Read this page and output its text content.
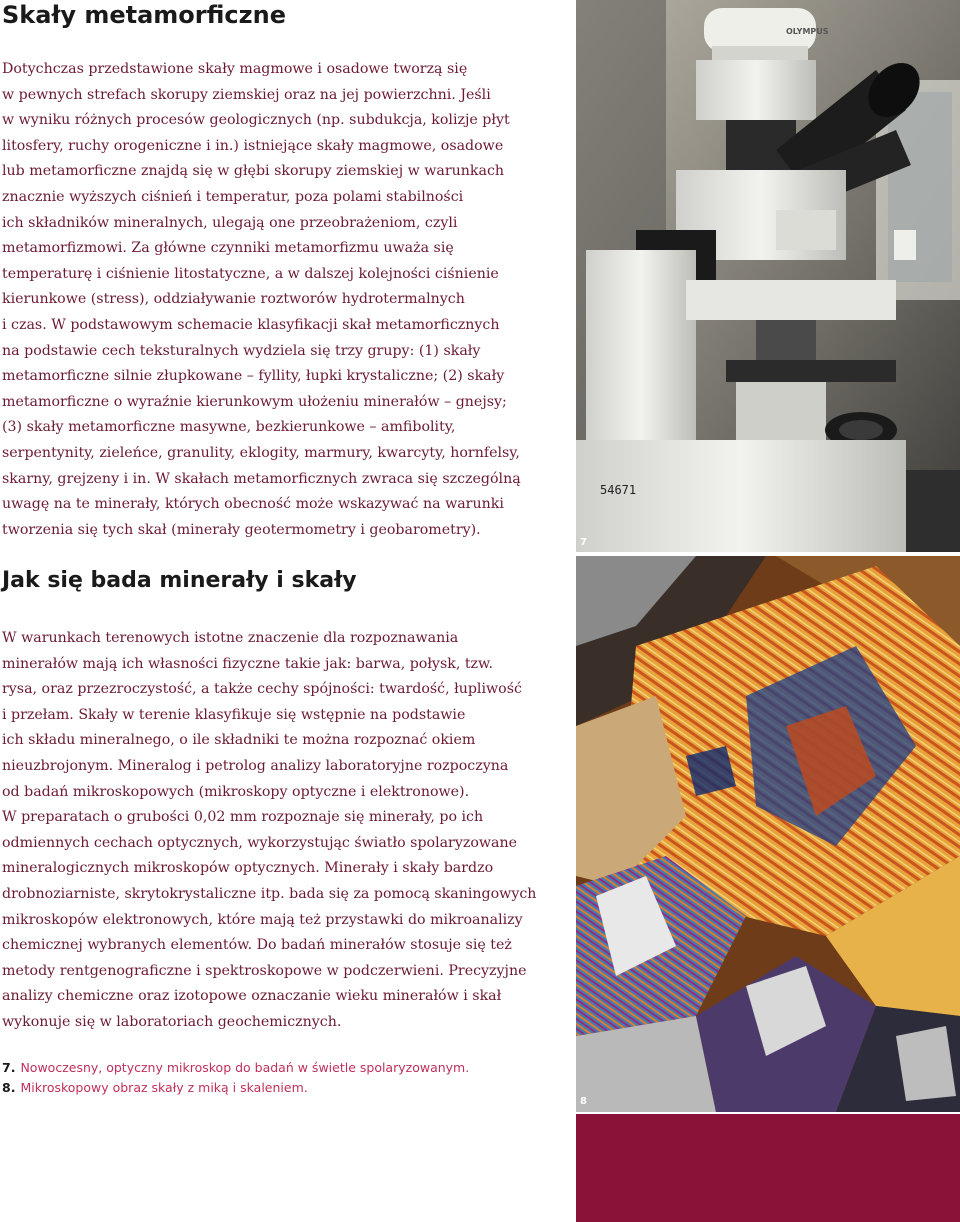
Skały metamorficzne
Dotychczas przedstawione skały magmowe i osadowe tworzą się
w pewnych strefach skorupy ziemskiej oraz na jej powierzchni. Jeśli
w wyniku różnych procesów geologicznych (np. subdukcja, kolizje płyt
litosfery, ruchy orogeniczne i in.) istniejące skały magmowe, osadowe
lub metamorficzne znajdą się w głębi skorupy ziemskiej w warunkach
znacznie wyższych ciśnień i temperatur, poza polami stabilności
ich składników mineralnych, ulegają one przeobrażeniom, czyli
metamorfizmowi. Za główne czynniki metamorfizmu uważa się
temperaturę i ciśnienie litostatyczne, a w dalszej kolejności ciśnienie
kierunkowe (stress), oddziaływanie roztworów hydrotermalnych
i czas. W podstawowym schemacie klasyfikacji skał metamorficznych
na podstawie cech teksturalnych wydziela się trzy grupy: (1) skały
metamorficzne silnie złupkowane – fyllity, łupki krystaliczne; (2) skały
metamorficzne o wyraźnie kierunkowym ułożeniu minerałów – gnejsy;
(3) skały metamorficzne masywne, bezkierunkowe – amfibolity,
serpentynity, zieleńce, granulity, eklogity, marmury, kwarcyty, hornfelsy,
skarny, grejzeny i in. W skałach metamorficznych zwraca się szczególną
uwagę na te minerały, których obecność może wskazywać na warunki
tworzenia się tych skał (minerały geotermometry i geobarometry).
Jak się bada minerały i skały
W warunkach terenowych istotne znaczenie dla rozpoznawania
minerałów mają ich własności fizyczne takie jak: barwa, połysk, tzw.
rysa, oraz przezroczystość, a także cechy spójności: twardość, łupliwość
i przełam. Skały w terenie klasyfikuje się wstępnie na podstawie
ich składu mineralnego, o ile składniki te można rozpoznać okiem
nieuzbrojonym. Mineralog i petrolog analizy laboratoryjne rozpoczyna
od badań mikroskopowych (mikroskopy optyczne i elektronowe).
W preparatach o grubości 0,02 mm rozpoznaje się minerały, po ich
odmiennych cechach optycznych, wykorzystując światło spolaryzowane
mineralogicznych mikroskopów optycznych. Minerały i skały bardzo
drobnoziarniste, skrytokrystaliczne itp. bada się za pomocą skaningowych
mikroskopów elektronowych, które mają też przystawki do mikroanalizy
chemicznej wybranych elementów. Do badań minerałów stosuje się też
metody rentgenograficzne i spektroskopowe w podczerwieni. Precyzyjne
analizy chemiczne oraz izotopowe oznaczanie wieku minerałów i skał
wykonuje się w laboratoriach geochemicznych.
7. Nowoczesny, optyczny mikroskop do badań w świetle spolaryzowanym.
8. Mikroskopowy obraz skały z miką i skaleniem.
OLYMPUS
54671
7
8
